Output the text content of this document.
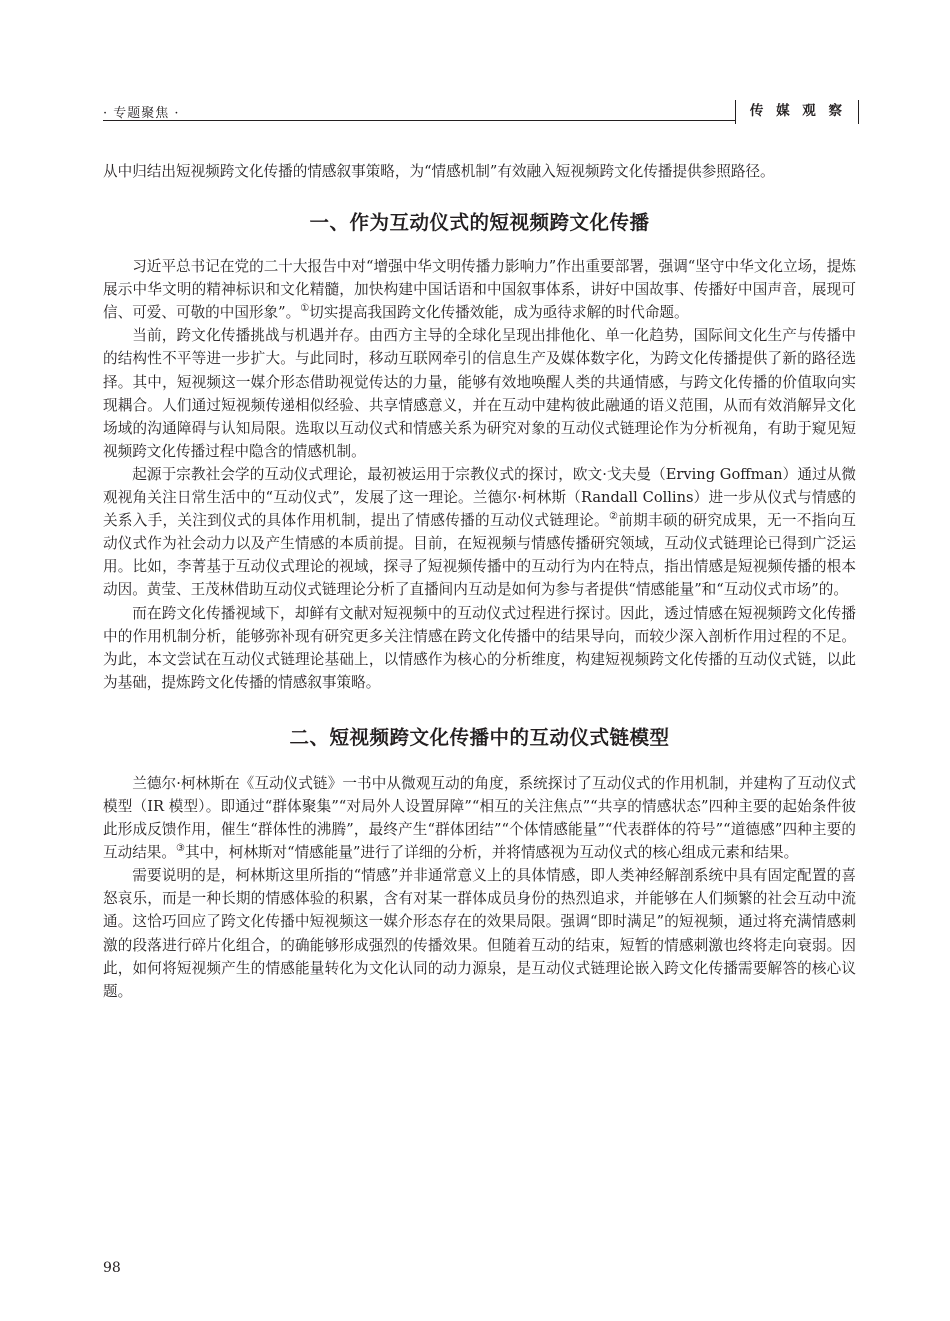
· 专题聚焦 ·	传 媒 观 察

从中归结出短视频跨文化传播的情感叙事策略，为“情感机制”有效融入短视频跨文化传播提供参照路径。

一、作为互动仪式的短视频跨文化传播

习近平总书记在党的二十大报告中对“增强中华文明传播力影响力”作出重要部署，强调“坚守中华文化立场，提炼展示中华文明的精神标识和文化精髓，加快构建中国话语和中国叙事体系，讲好中国故事、传播好中国声音，展现可信、可爱、可敬的中国形象”。①切实提高我国跨文化传播效能，成为亟待求解的时代命题。

当前，跨文化传播挑战与机遇并存。由西方主导的全球化呈现出排他化、单一化趋势，国际间文化生产与传播中的结构性不平等进一步扩大。与此同时，移动互联网牵引的信息生产及媒体数字化，为跨文化传播提供了新的路径选择。其中，短视频这一媒介形态借助视觉传达的力量，能够有效地唤醒人类的共通情感，与跨文化传播的价值取向实现耦合。人们通过短视频传递相似经验、共享情感意义，并在互动中建构彼此融通的语义范围，从而有效消解异文化场域的沟通障碍与认知局限。选取以互动仪式和情感关系为研究对象的互动仪式链理论作为分析视角，有助于窥见短视频跨文化传播过程中隐含的情感机制。

起源于宗教社会学的互动仪式理论，最初被运用于宗教仪式的探讨，欧文·戈夫曼（Erving Goffman）通过从微观视角关注日常生活中的“互动仪式”，发展了这一理论。兰德尔·柯林斯（Randall Collins）进一步从仪式与情感的关系入手，关注到仪式的具体作用机制，提出了情感传播的互动仪式链理论。②前期丰硕的研究成果，无一不指向互动仪式作为社会动力以及产生情感的本质前提。目前，在短视频与情感传播研究领域，互动仪式链理论已得到广泛运用。比如，李菁基于互动仪式理论的视域，探寻了短视频传播中的互动行为内在特点，指出情感是短视频传播的根本动因。黄莹、王茂林借助互动仪式链理论分析了直播间内互动是如何为参与者提供“情感能量”和“互动仪式市场”的。

而在跨文化传播视域下，却鲜有文献对短视频中的互动仪式过程进行探讨。因此，透过情感在短视频跨文化传播中的作用机制分析，能够弥补现有研究更多关注情感在跨文化传播中的结果导向，而较少深入剖析作用过程的不足。为此，本文尝试在互动仪式链理论基础上，以情感作为核心的分析维度，构建短视频跨文化传播的互动仪式链，以此为基础，提炼跨文化传播的情感叙事策略。

二、短视频跨文化传播中的互动仪式链模型

兰德尔·柯林斯在《互动仪式链》一书中从微观互动的角度，系统探讨了互动仪式的作用机制，并建构了互动仪式模型（IR 模型）。即通过“群体聚集”“对局外人设置屏障”“相互的关注焦点”“共享的情感状态”四种主要的起始条件彼此形成反馈作用，催生“群体性的沸腾”，最终产生“群体团结”“个体情感能量”“代表群体的符号”“道德感”四种主要的互动结果。③其中，柯林斯对“情感能量”进行了详细的分析，并将情感视为互动仪式的核心组成元素和结果。

需要说明的是，柯林斯这里所指的“情感”并非通常意义上的具体情感，即人类神经解剖系统中具有固定配置的喜怒哀乐，而是一种长期的情感体验的积累，含有对某一群体成员身份的热烈追求，并能够在人们频繁的社会互动中流通。这恰巧回应了跨文化传播中短视频这一媒介形态存在的效果局限。强调“即时满足”的短视频，通过将充满情感刺激的段落进行碎片化组合，的确能够形成强烈的传播效果。但随着互动的结束，短暂的情感刺激也终将走向衰弱。因此，如何将短视频产生的情感能量转化为文化认同的动力源泉，是互动仪式链理论嵌入跨文化传播需要解答的核心议题。

98
